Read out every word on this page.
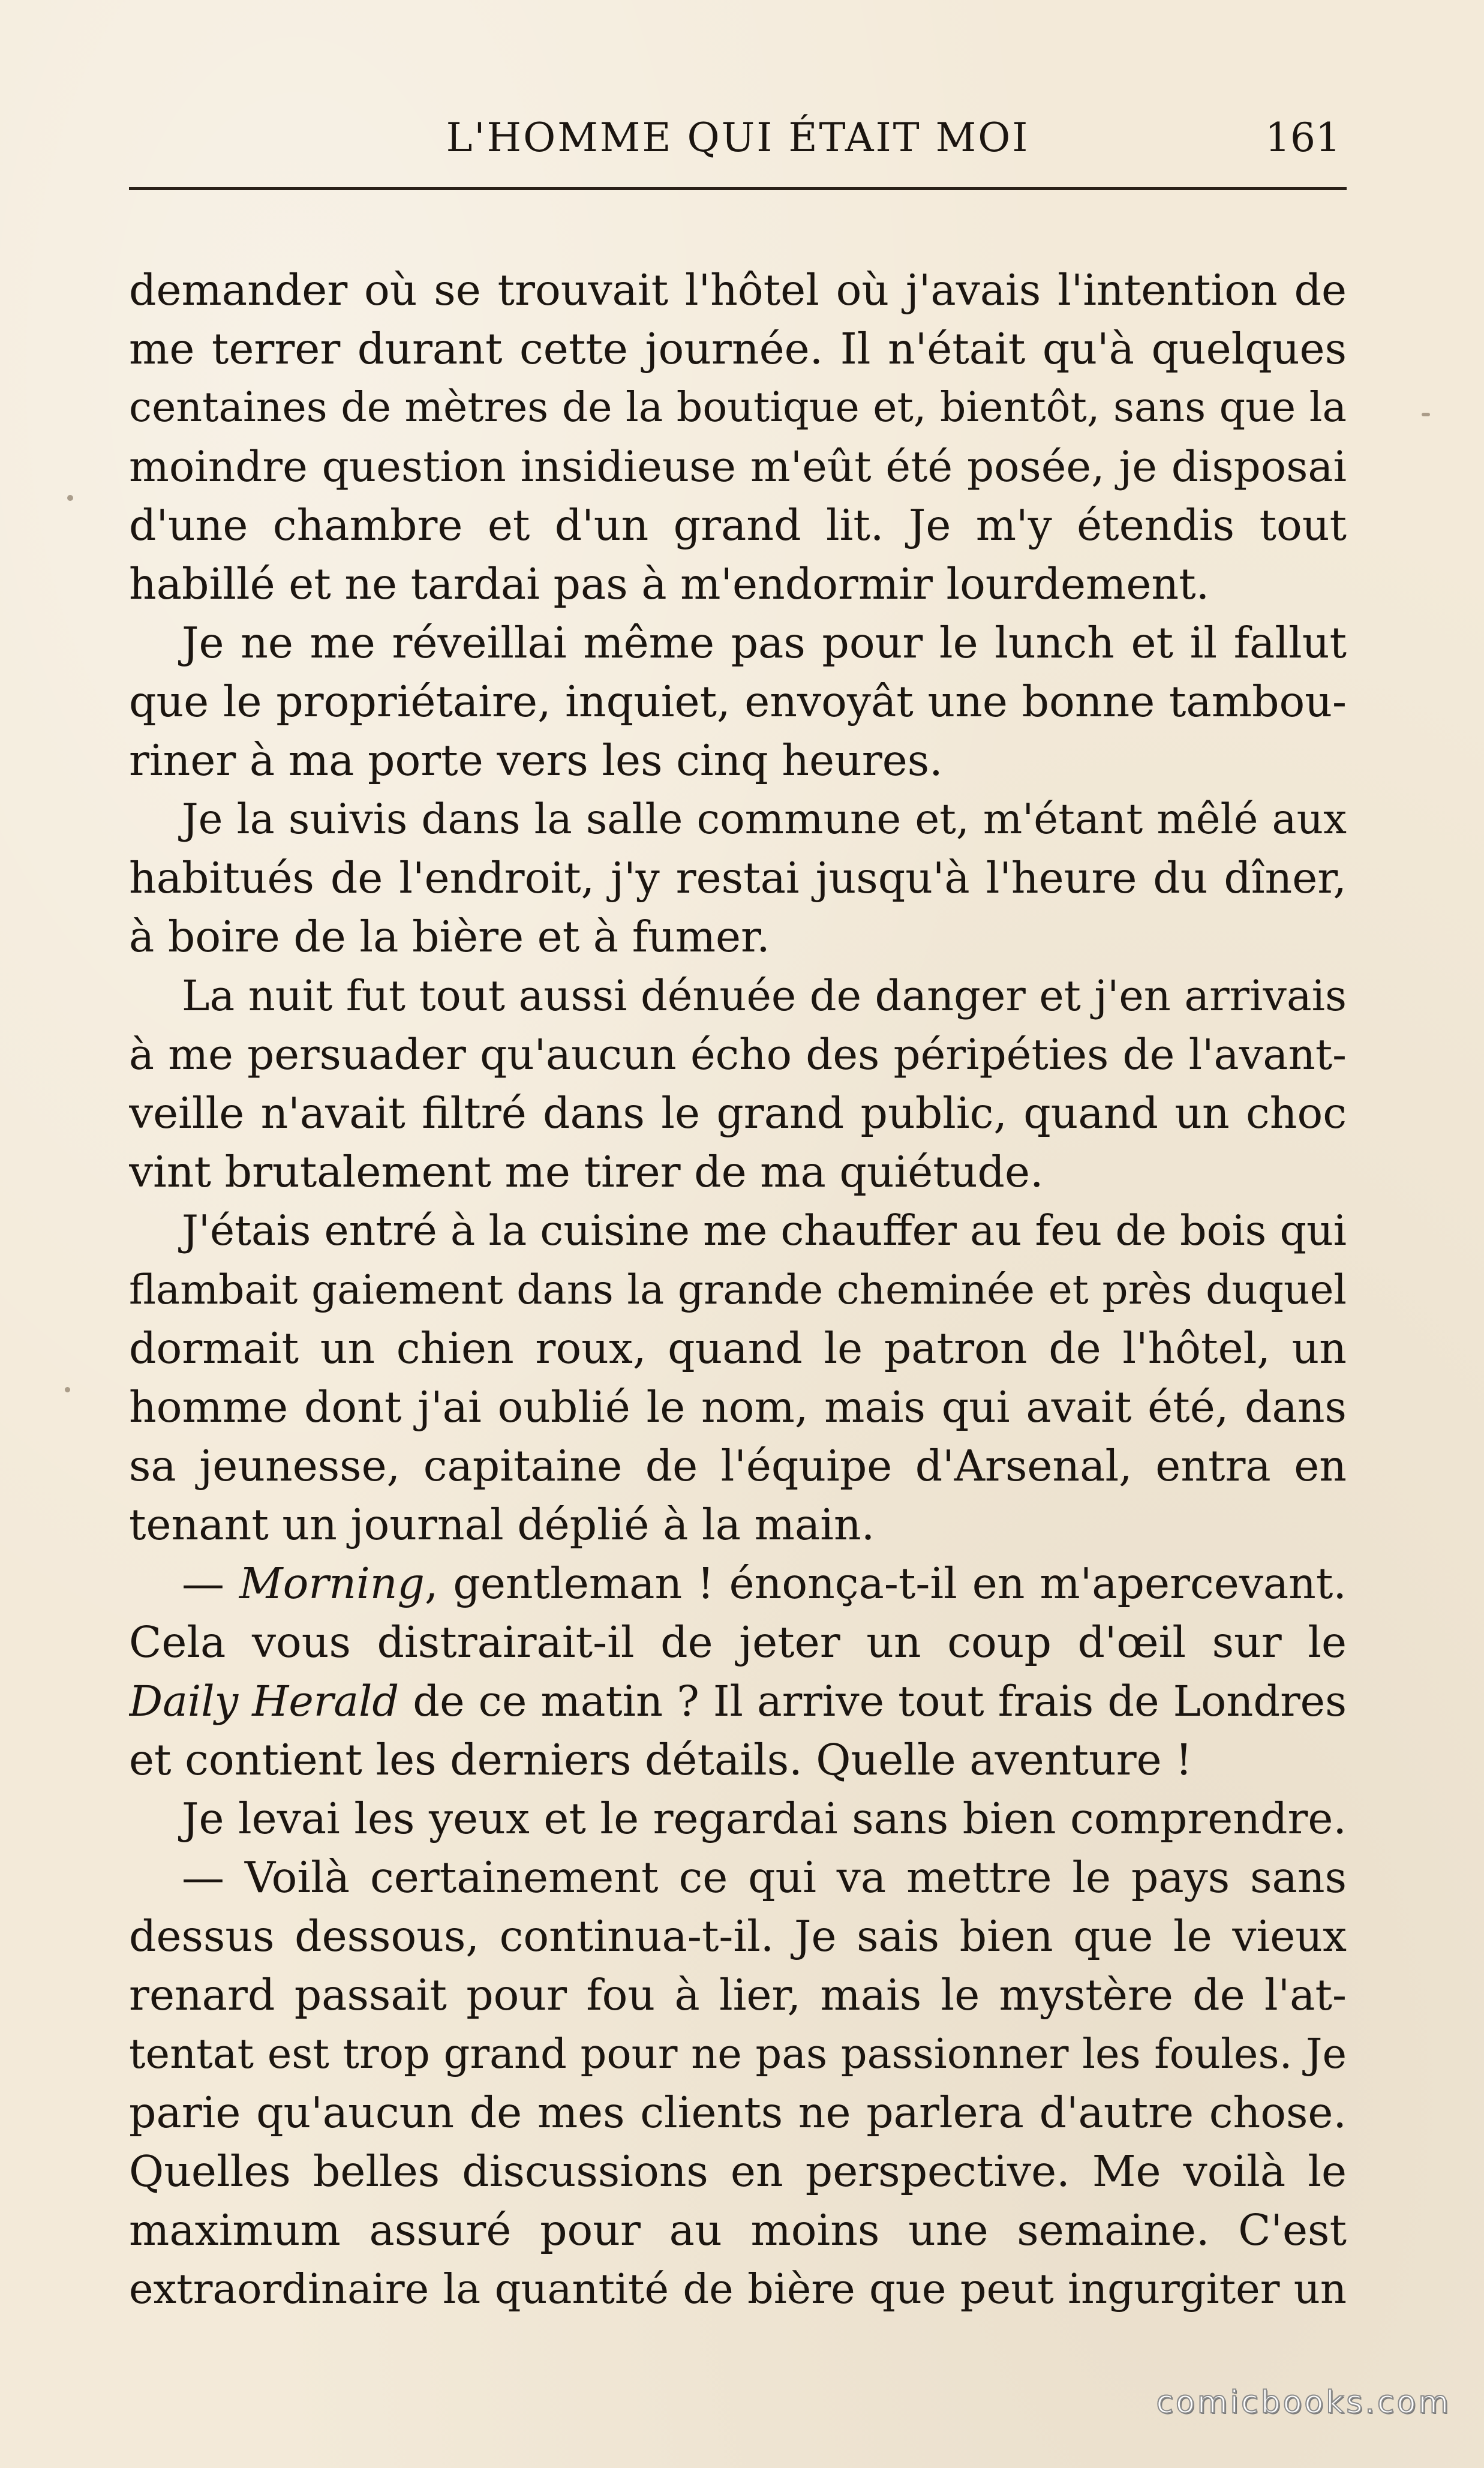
L'HOMME QUI ÉTAIT MOI	161
demander où se trouvait l'hôtel où j'avais l'intention de
me terrer durant cette journée. Il n'était qu'à quelques
centaines de mètres de la boutique et, bientôt, sans que la
moindre question insidieuse m'eût été posée, je disposai
d'une chambre et d'un grand lit. Je m'y étendis tout
habillé et ne tardai pas à m'endormir lourdement.
Je ne me réveillai même pas pour le lunch et il fallut
que le propriétaire, inquiet, envoyât une bonne tambou-
riner à ma porte vers les cinq heures.
Je la suivis dans la salle commune et, m'étant mêlé aux
habitués de l'endroit, j'y restai jusqu'à l'heure du dîner,
à boire de la bière et à fumer.
La nuit fut tout aussi dénuée de danger et j'en arrivais
à me persuader qu'aucun écho des péripéties de l'avant-
veille n'avait filtré dans le grand public, quand un choc
vint brutalement me tirer de ma quiétude.
J'étais entré à la cuisine me chauffer au feu de bois qui
flambait gaiement dans la grande cheminée et près duquel
dormait un chien roux, quand le patron de l'hôtel, un
homme dont j'ai oublié le nom, mais qui avait été, dans
sa jeunesse, capitaine de l'équipe d'Arsenal, entra en
tenant un journal déplié à la main.
— Morning, gentleman ! énonça-t-il en m'apercevant.
Cela vous distrairait-il de jeter un coup d'œil sur le
Daily Herald de ce matin ? Il arrive tout frais de Londres
et contient les derniers détails. Quelle aventure !
Je levai les yeux et le regardai sans bien comprendre.
— Voilà certainement ce qui va mettre le pays sans
dessus dessous, continua-t-il. Je sais bien que le vieux
renard passait pour fou à lier, mais le mystère de l'at-
tentat est trop grand pour ne pas passionner les foules. Je
parie qu'aucun de mes clients ne parlera d'autre chose.
Quelles belles discussions en perspective. Me voilà le
maximum assuré pour au moins une semaine. C'est
extraordinaire la quantité de bière que peut ingurgiter un
comicbooks.com
